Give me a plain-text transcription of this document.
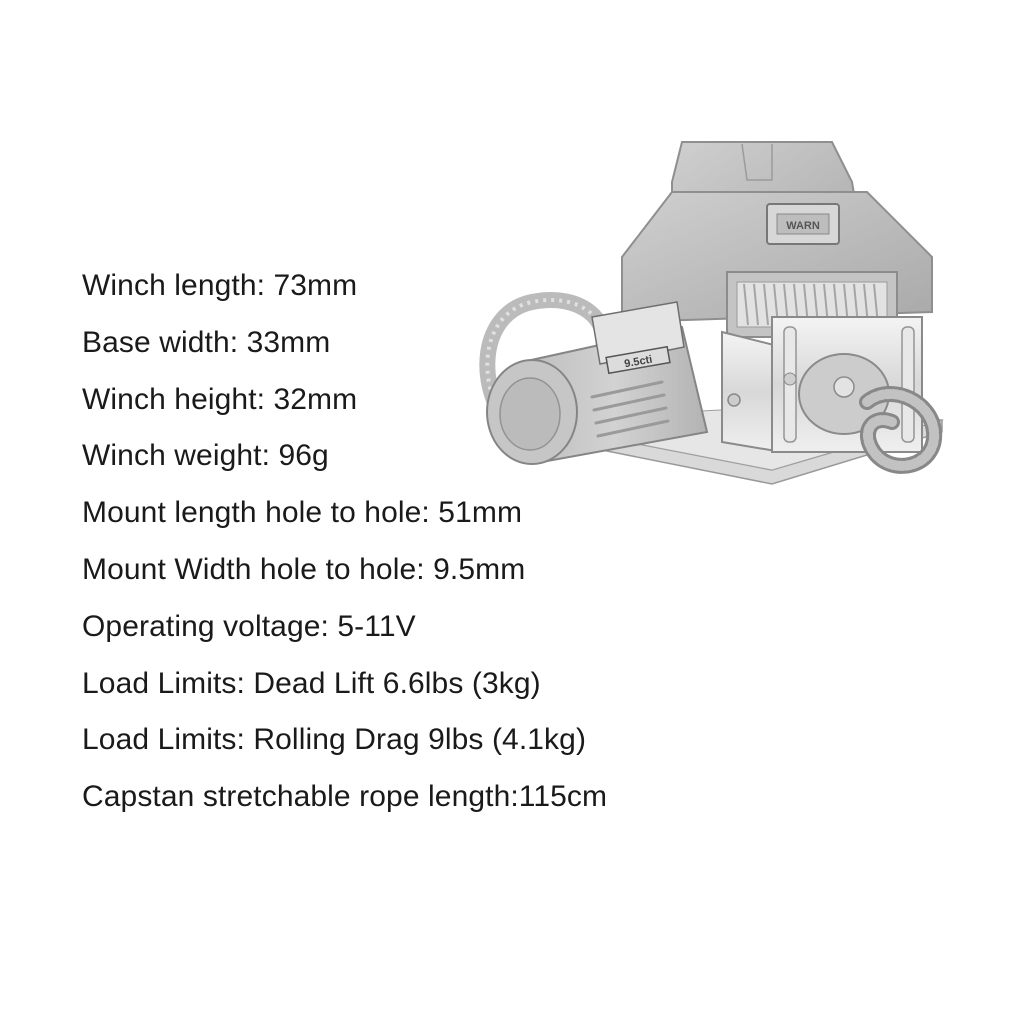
Winch length: 73mm
Base width: 33mm
Winch height: 32mm
Winch weight: 96g
Mount length hole to hole: 51mm
Mount Width hole to hole: 9.5mm
Operating voltage: 5-11V
Load Limits: Dead Lift 6.6lbs (3kg)
Load Limits: Rolling Drag 9lbs (4.1kg)
Capstan stretchable rope length:115cm
WARN
9.5cti
